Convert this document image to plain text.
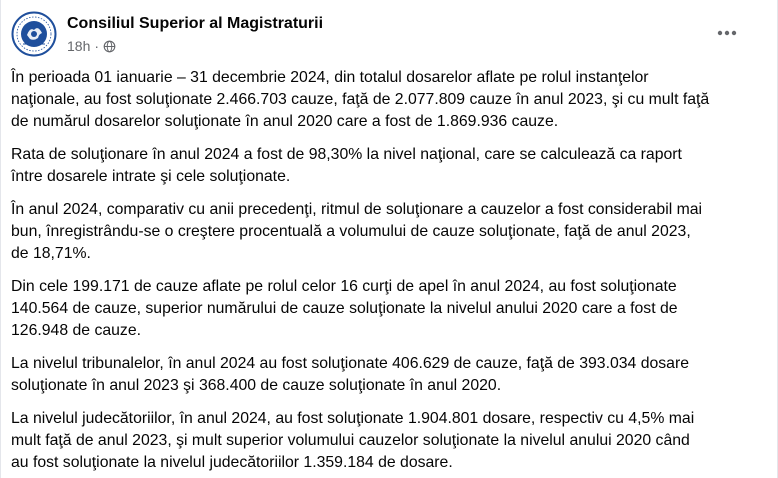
Consiliul Superior al Magistraturii
18h ·

În perioada 01 ianuarie – 31 decembrie 2024, din totalul dosarelor aflate pe rolul instanţelor
naţionale, au fost soluţionate 2.466.703 cauze, faţă de 2.077.809 cauze în anul 2023, şi cu mult faţă
de numărul dosarelor soluţionate în anul 2020 care a fost de 1.869.936 cauze.

Rata de soluţionare în anul 2024 a fost de 98,30% la nivel naţional, care se calculează ca raport
între dosarele intrate şi cele soluţionate.

În anul 2024, comparativ cu anii precedenţi, ritmul de soluţionare a cauzelor a fost considerabil mai
bun, înregistrându-se o creştere procentuală a volumului de cauze soluţionate, faţă de anul 2023,
de 18,71%.

Din cele 199.171 de cauze aflate pe rolul celor 16 curţi de apel în anul 2024, au fost soluţionate
140.564 de cauze, superior numărului de cauze soluţionate la nivelul anului 2020 care a fost de
126.948 de cauze.

La nivelul tribunalelor, în anul 2024 au fost soluţionate 406.629 de cauze, faţă de 393.034 dosare
soluţionate în anul 2023 şi 368.400 de cauze soluţionate în anul 2020.

La nivelul judecătoriilor, în anul 2024, au fost soluţionate 1.904.801 dosare, respectiv cu 4,5% mai
mult faţă de anul 2023, şi mult superior volumului cauzelor soluţionate la nivelul anului 2020 când
au fost soluţionate la nivelul judecătoriilor 1.359.184 de dosare.
